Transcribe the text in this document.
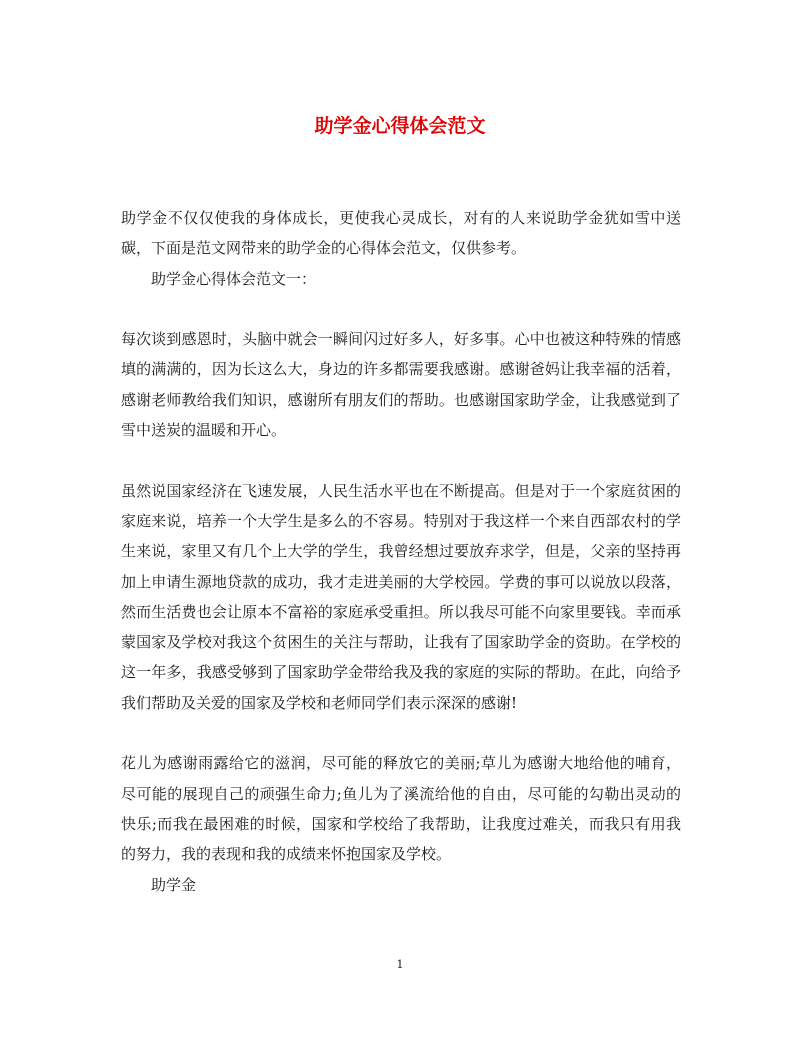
助学金心得体会范文

助学金不仅仅使我的身体成长，更使我心灵成长，对有的人来说助学金犹如雪中送碳，下面是范文网带来的助学金的心得体会范文，仅供参考。

助学金心得体会范文一：

每次谈到感恩时，头脑中就会一瞬间闪过好多人，好多事。心中也被这种特殊的情感填的满满的，因为长这么大，身边的许多都需要我感谢。感谢爸妈让我幸福的活着，感谢老师教给我们知识，感谢所有朋友们的帮助。也感谢国家助学金，让我感觉到了雪中送炭的温暖和开心。

虽然说国家经济在飞速发展，人民生活水平也在不断提高。但是对于一个家庭贫困的家庭来说，培养一个大学生是多么的不容易。特别对于我这样一个来自西部农村的学生来说，家里又有几个上大学的学生，我曾经想过要放弃求学，但是，父亲的坚持再加上申请生源地贷款的成功，我才走进美丽的大学校园。学费的事可以说放以段落，然而生活费也会让原本不富裕的家庭承受重担。所以我尽可能不向家里要钱。幸而承蒙国家及学校对我这个贫困生的关注与帮助，让我有了国家助学金的资助。在学校的这一年多，我感受够到了国家助学金带给我及我的家庭的实际的帮助。在此，向给予我们帮助及关爱的国家及学校和老师同学们表示深深的感谢!

花儿为感谢雨露给它的滋润，尽可能的释放它的美丽;草儿为感谢大地给他的哺育，尽可能的展现自己的顽强生命力;鱼儿为了溪流给他的自由，尽可能的勾勒出灵动的快乐;而我在最困难的时候，国家和学校给了我帮助，让我度过难关，而我只有用我的努力，我的表现和我的成绩来怀抱国家及学校。

助学金

1
